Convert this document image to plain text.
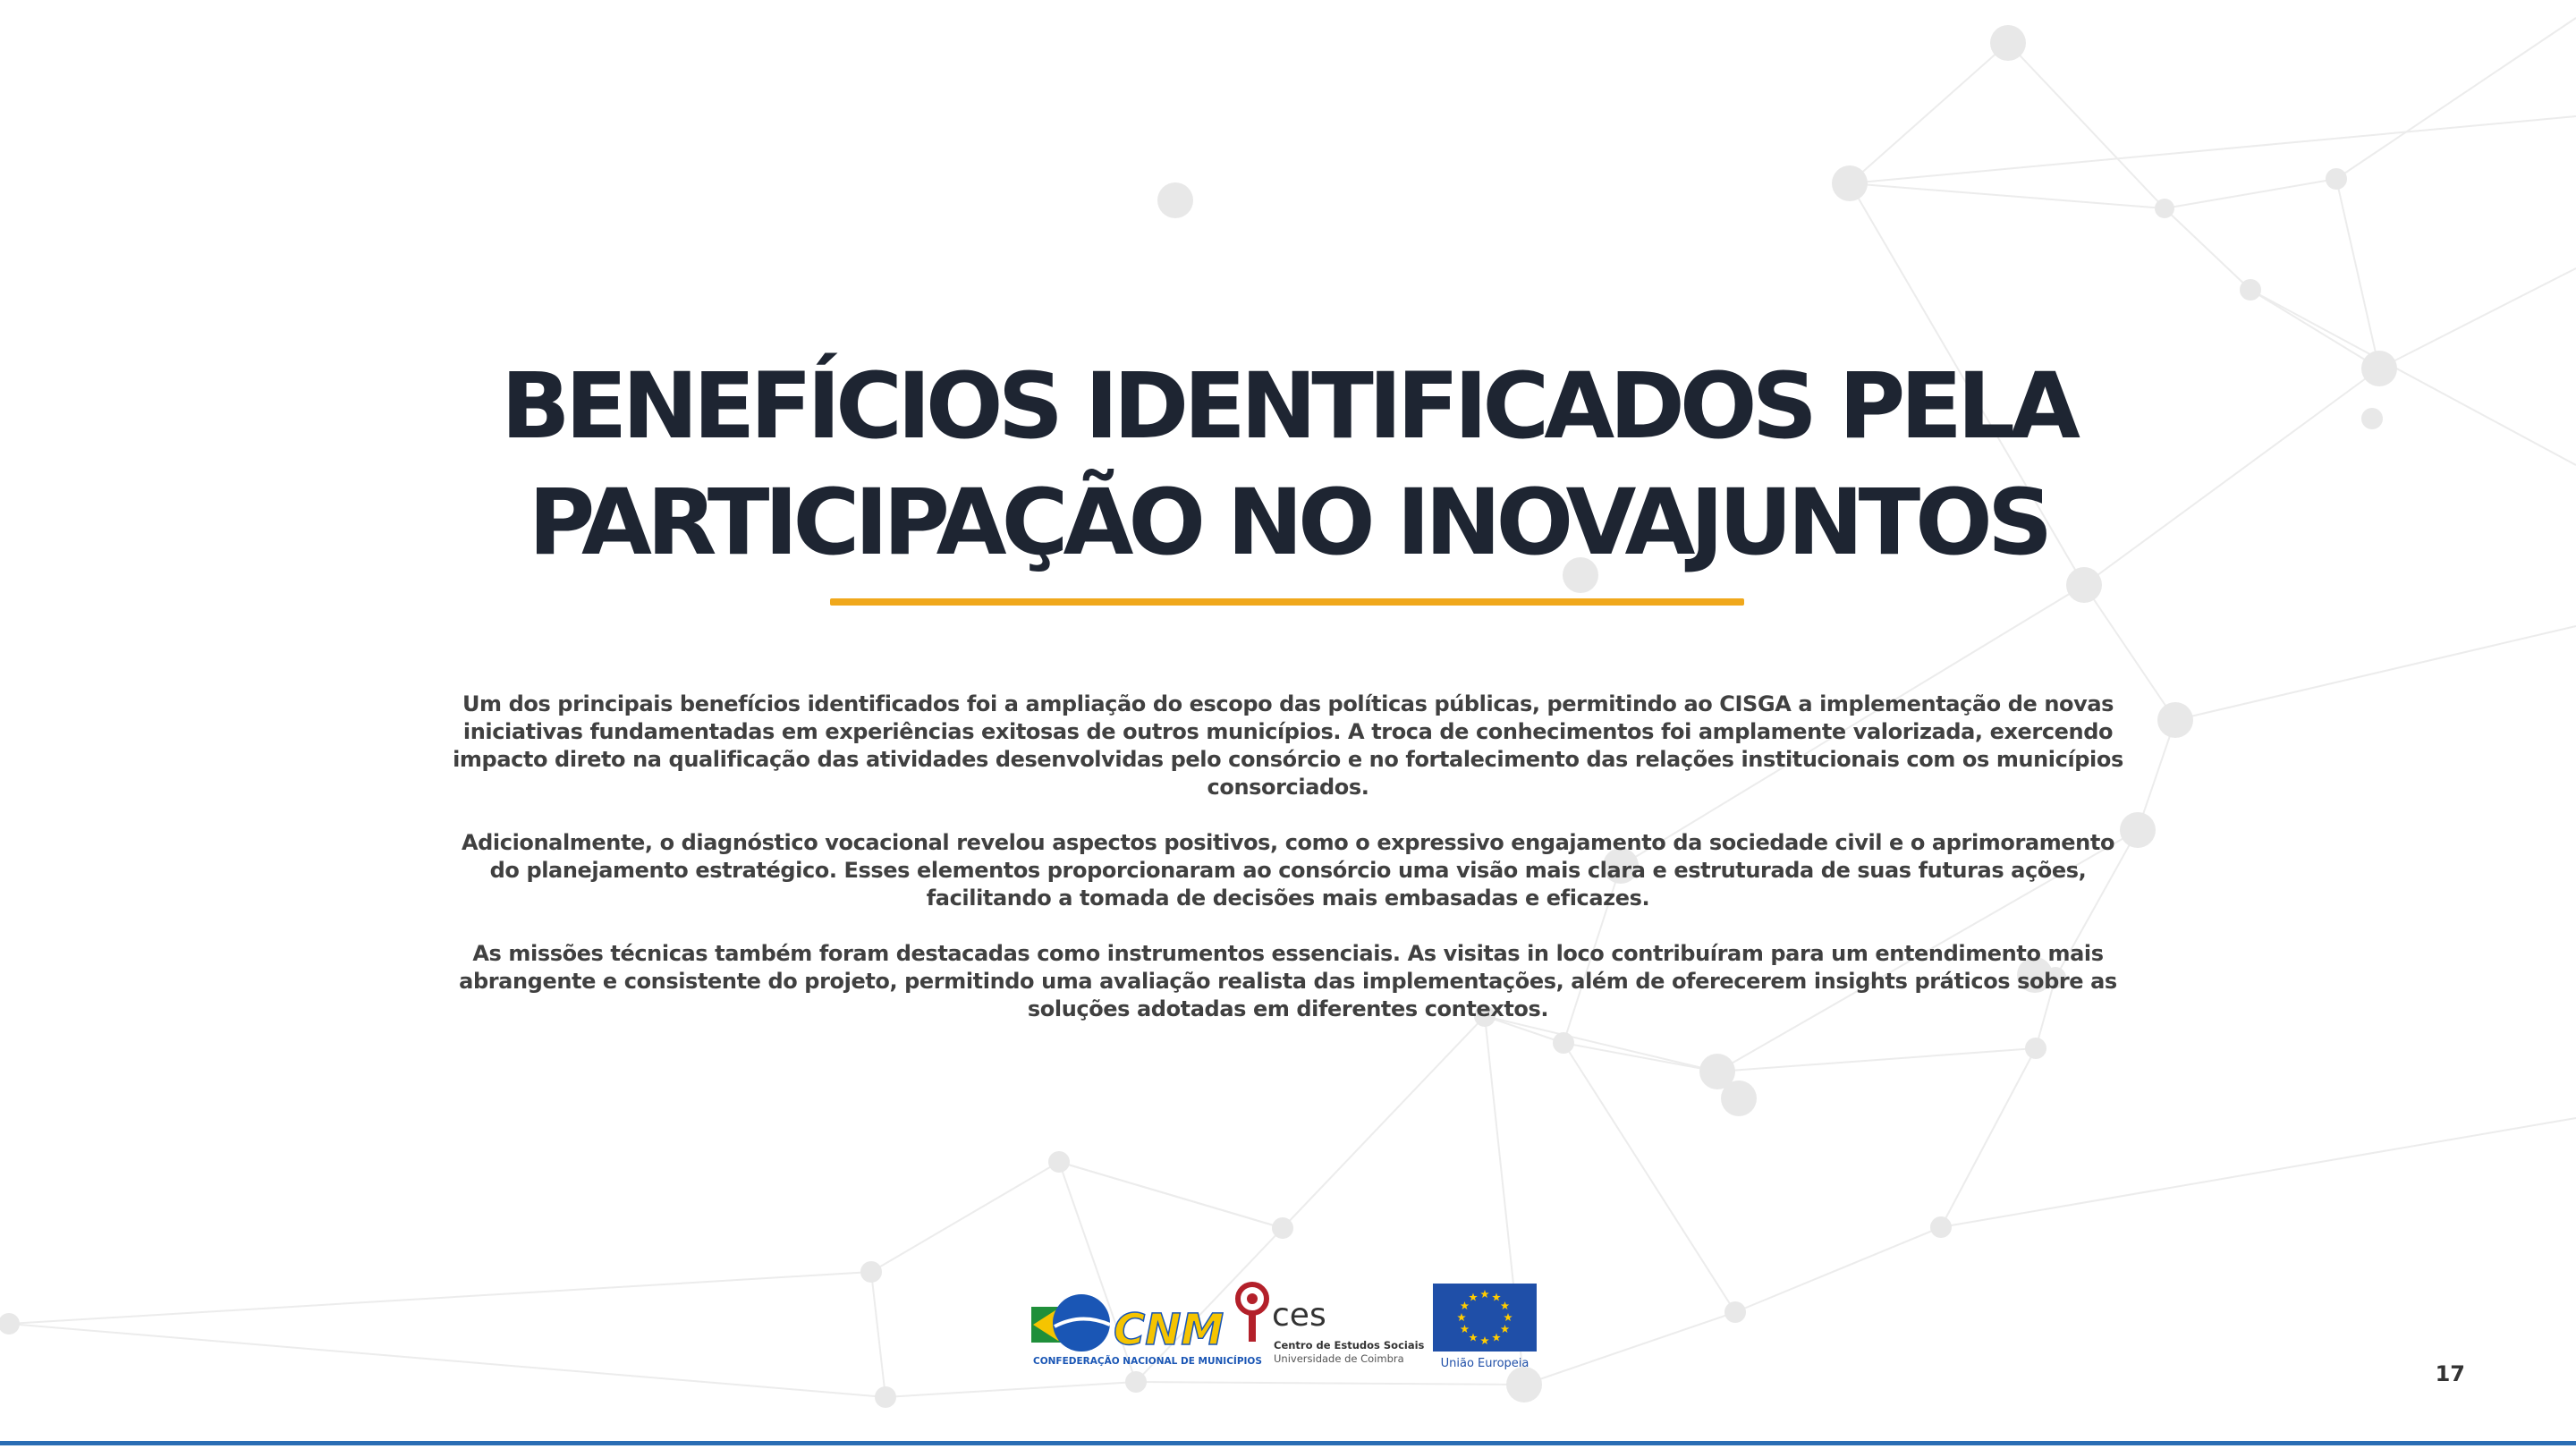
BENEFÍCIOS IDENTIFICADOS PELA
PARTICIPAÇÃO NO INOVAJUNTOS

Um dos principais benefícios identificados foi a ampliação do escopo das políticas públicas, permitindo ao CISGA a implementação de novas iniciativas fundamentadas em experiências exitosas de outros municípios. A troca de conhecimentos foi amplamente valorizada, exercendo impacto direto na qualificação das atividades desenvolvidas pelo consórcio e no fortalecimento das relações institucionais com os municípios consorciados.

Adicionalmente, o diagnóstico vocacional revelou aspectos positivos, como o expressivo engajamento da sociedade civil e o aprimoramento do planejamento estratégico. Esses elementos proporcionaram ao consórcio uma visão mais clara e estruturada de suas futuras ações, facilitando a tomada de decisões mais embasadas e eficazes.

As missões técnicas também foram destacadas como instrumentos essenciais. As visitas in loco contribuíram para um entendimento mais abrangente e consistente do projeto, permitindo uma avaliação realista das implementações, além de oferecerem insights práticos sobre as soluções adotadas em diferentes contextos.

CNM
CONFEDERAÇÃO NACIONAL DE MUNICÍPIOS
ces
Centro de Estudos Sociais
Universidade de Coimbra	União Europeia	17
